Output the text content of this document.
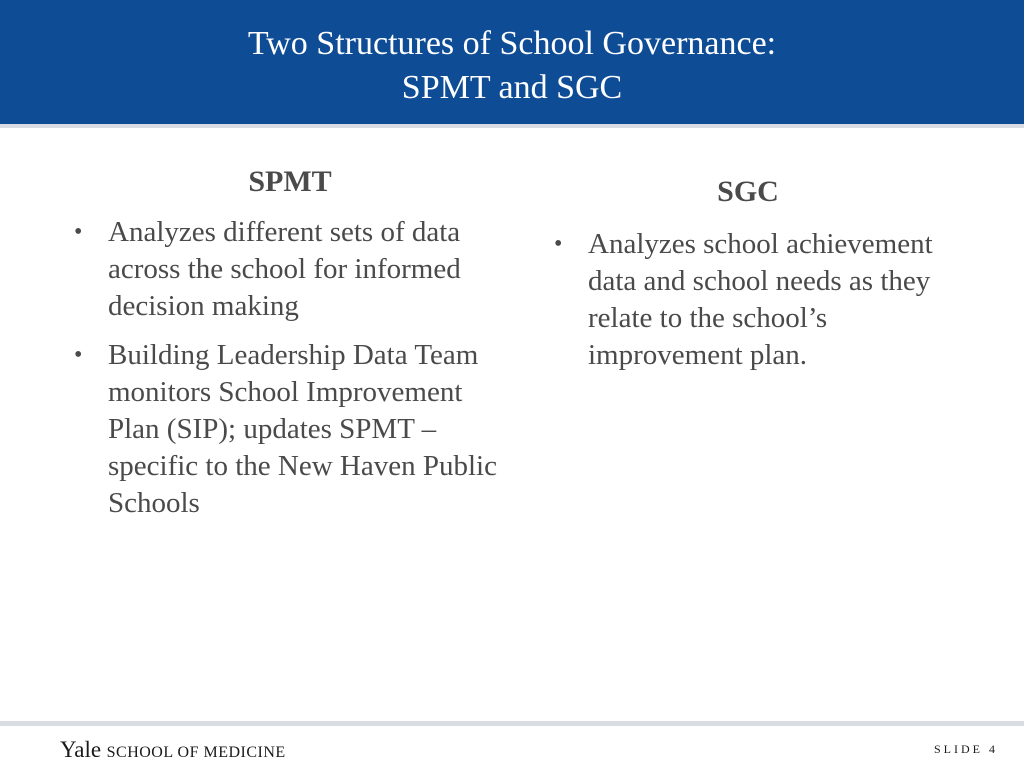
Two Structures of School Governance:
SPMT and SGC
SPMT
• Analyzes different sets of data across the school for informed decision making
• Building Leadership Data Team monitors School Improvement Plan (SIP); updates SPMT – specific to the New Haven Public Schools
SGC
• Analyzes school achievement data and school needs as they relate to the school’s improvement plan.
Yale SCHOOL OF MEDICINE	SLIDE 4
